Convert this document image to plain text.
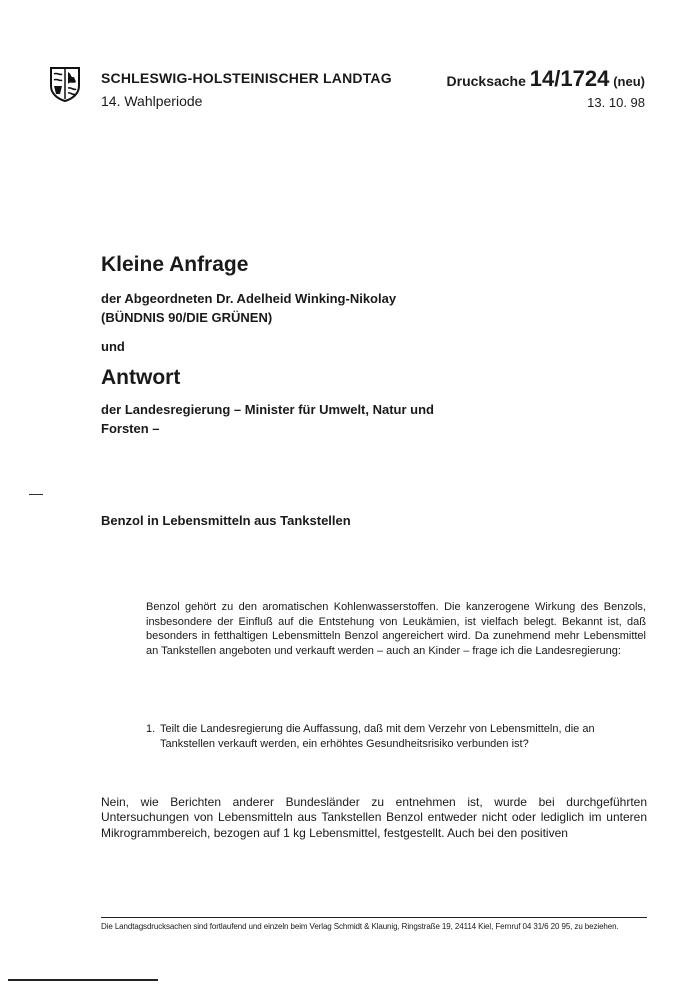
SCHLESWIG-HOLSTEINISCHER LANDTAG
14. Wahlperiode
Drucksache 14/1724 (neu)
13. 10. 98
Kleine Anfrage
der Abgeordneten Dr. Adelheid Winking-Nikolay
(BÜNDNIS 90/DIE GRÜNEN)
und
Antwort
der Landesregierung – Minister für Umwelt, Natur und
Forsten –
Benzol in Lebensmitteln aus Tankstellen
Benzol gehört zu den aromatischen Kohlenwasserstoffen. Die kanzerogene Wirkung des Benzols, insbesondere der Einfluß auf die Entstehung von Leukämien, ist vielfach belegt. Bekannt ist, daß besonders in fetthaltigen Lebensmitteln Benzol angereichert wird. Da zunehmend mehr Lebensmittel an Tankstellen angeboten und verkauft werden – auch an Kinder – frage ich die Landesregierung:
1. Teilt die Landesregierung die Auffassung, daß mit dem Verzehr von Lebensmitteln, die an Tankstellen verkauft werden, ein erhöhtes Gesundheitsrisiko verbunden ist?
Nein, wie Berichten anderer Bundesländer zu entnehmen ist, wurde bei durchgeführten Untersuchungen von Lebensmitteln aus Tankstellen Benzol entweder nicht oder lediglich im unteren Mikrogrammbereich, bezogen auf 1 kg Lebensmittel, festgestellt. Auch bei den positiven
Die Landtagsdrucksachen sind fortlaufend und einzeln beim Verlag Schmidt & Klaunig, Ringstraße 19, 24114 Kiel, Fernruf 04 31/6 20 95, zu beziehen.
